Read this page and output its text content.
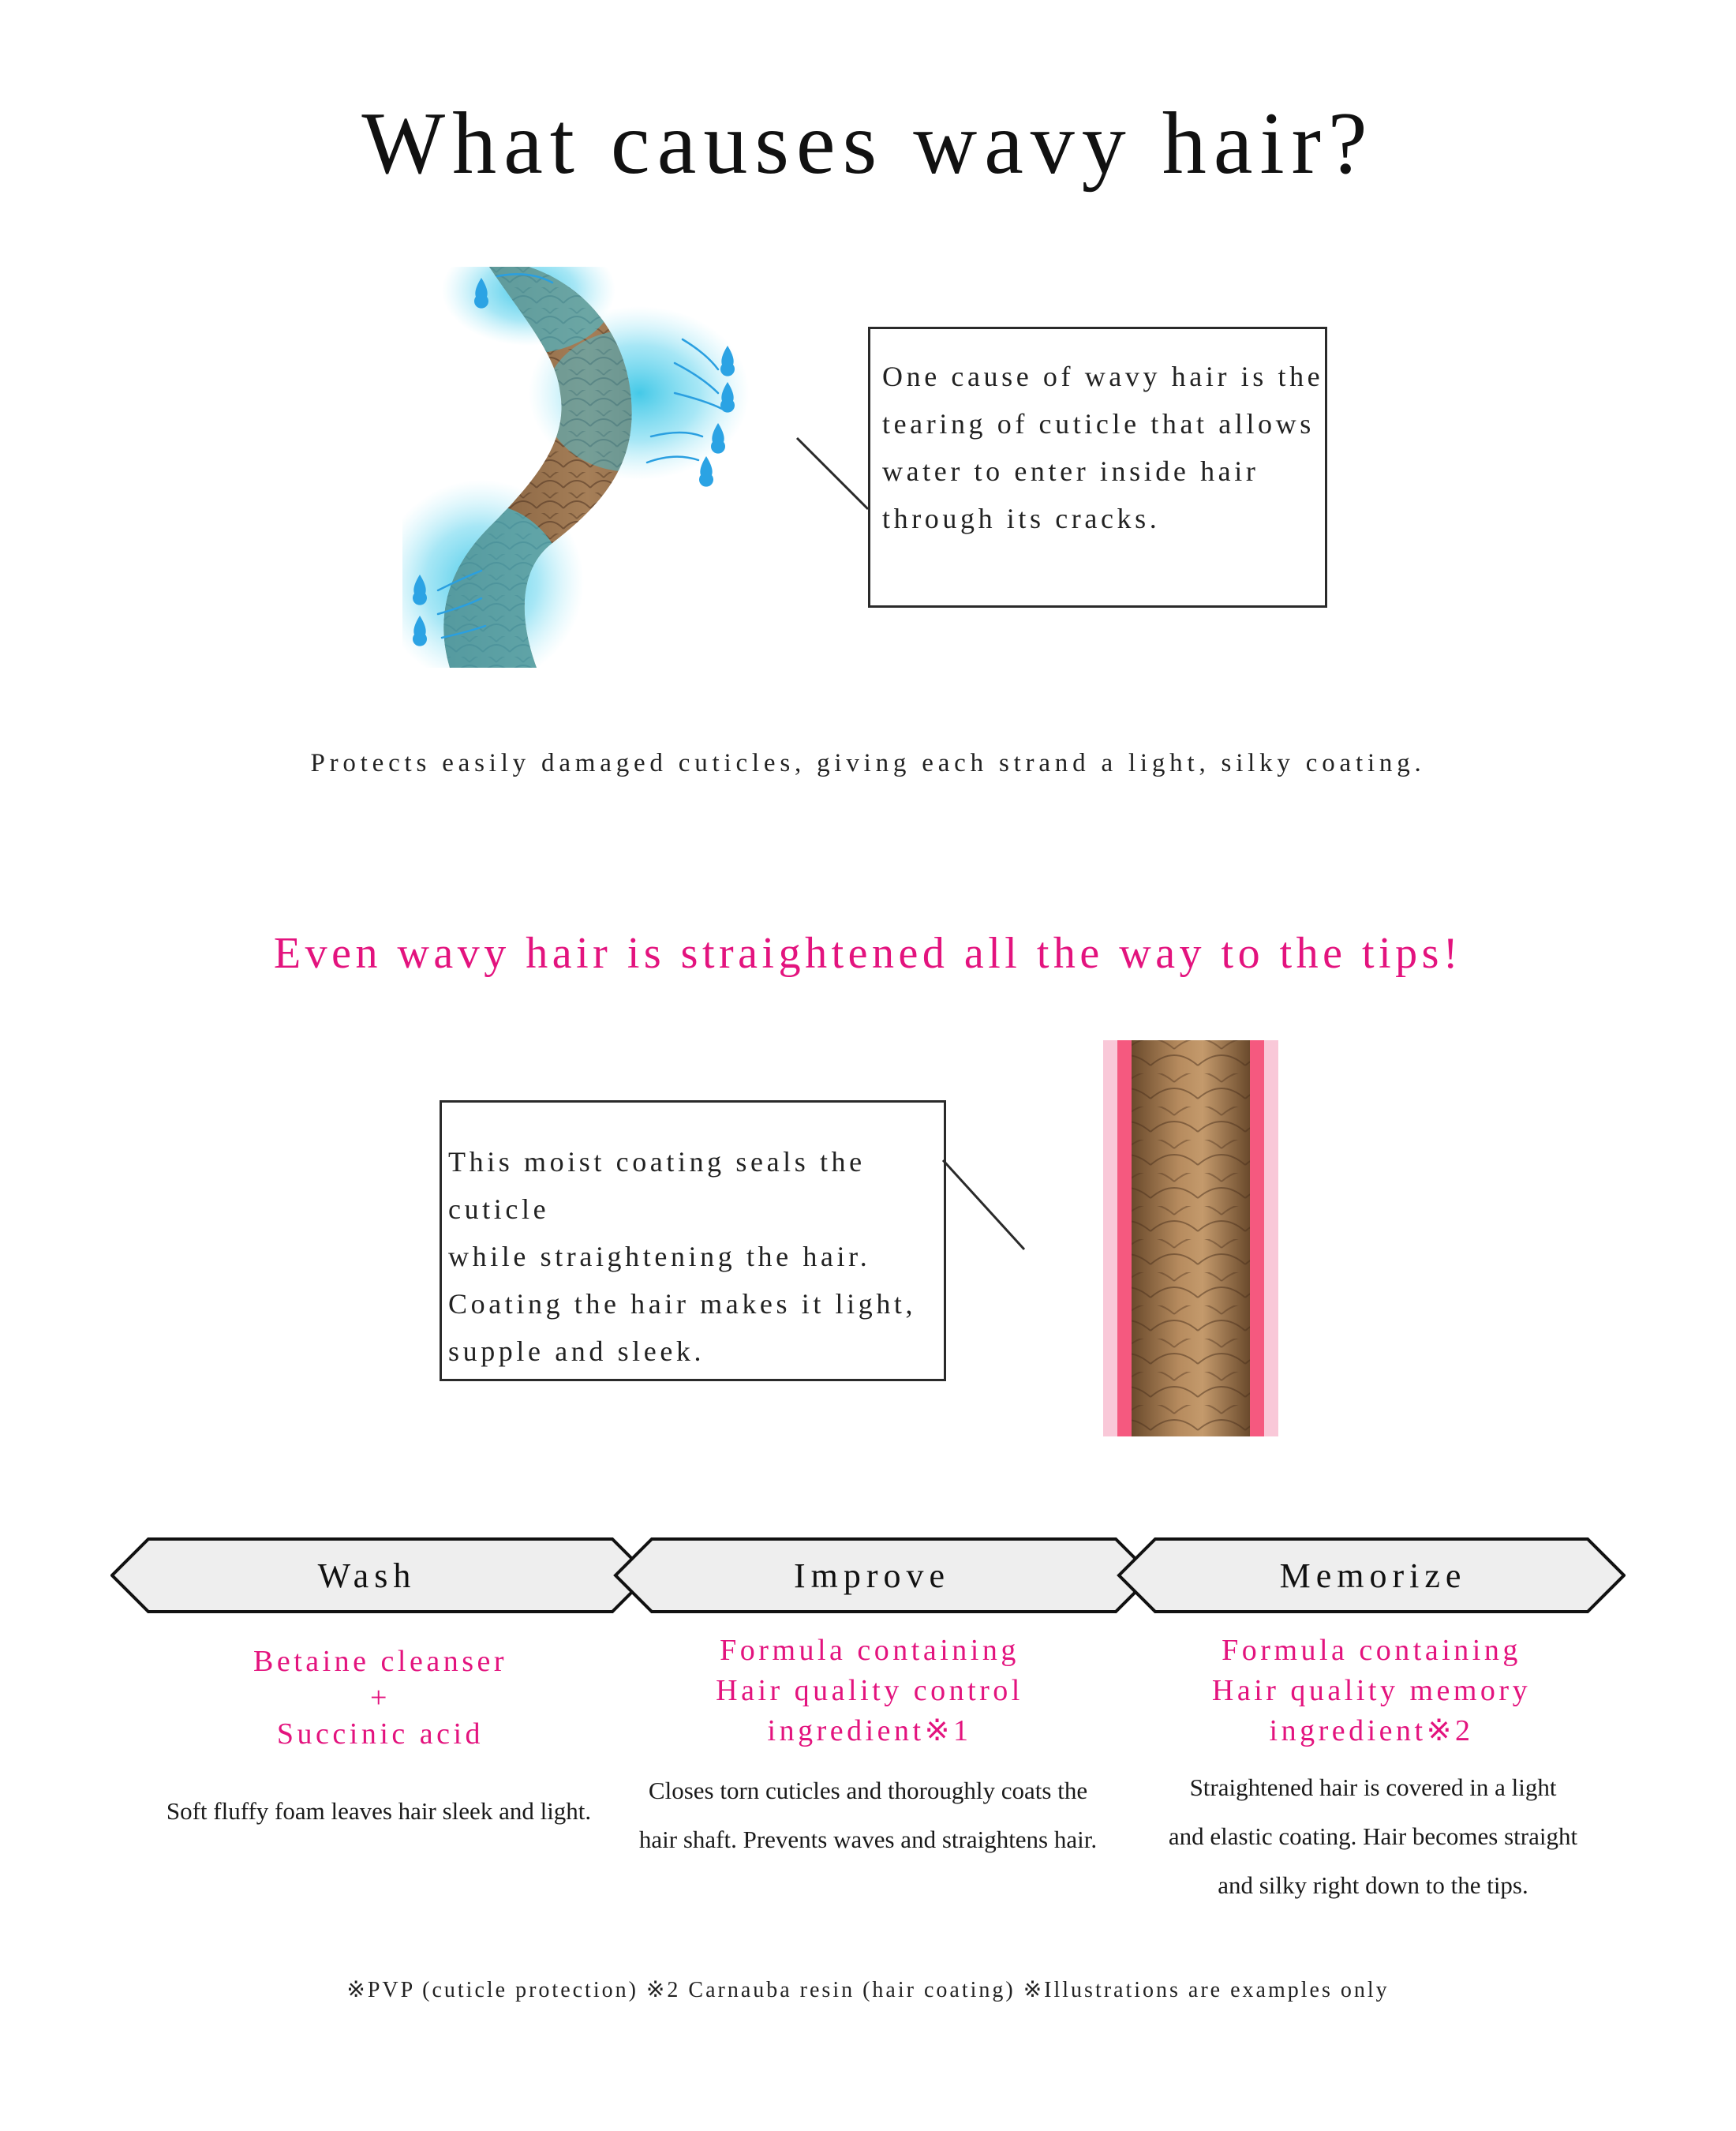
What causes wavy hair?

One cause of wavy hair is the
tearing of cuticle that allows
water to enter inside hair
through its cracks.

Protects easily damaged cuticles, giving each strand a light, silky coating.
Even wavy hair is straightened all the way to the tips!

This moist coating seals the cuticle
while straightening the hair.
Coating the hair makes it light,
supple and sleek.

Wash	Improve	Memorize
Betaine cleanser
+
Succinic acid
Formula containing
Hair quality control
ingredient※1
Formula containing
Hair quality memory
ingredient※2
Soft fluffy foam leaves hair sleek and light.
Closes torn cuticles and thoroughly coats the
hair shaft. Prevents waves and straightens hair.
Straightened hair is covered in a light
and elastic coating. Hair becomes straight
and silky right down to the tips.
※PVP (cuticle protection) ※2 Carnauba resin (hair coating) ※Illustrations are examples only
